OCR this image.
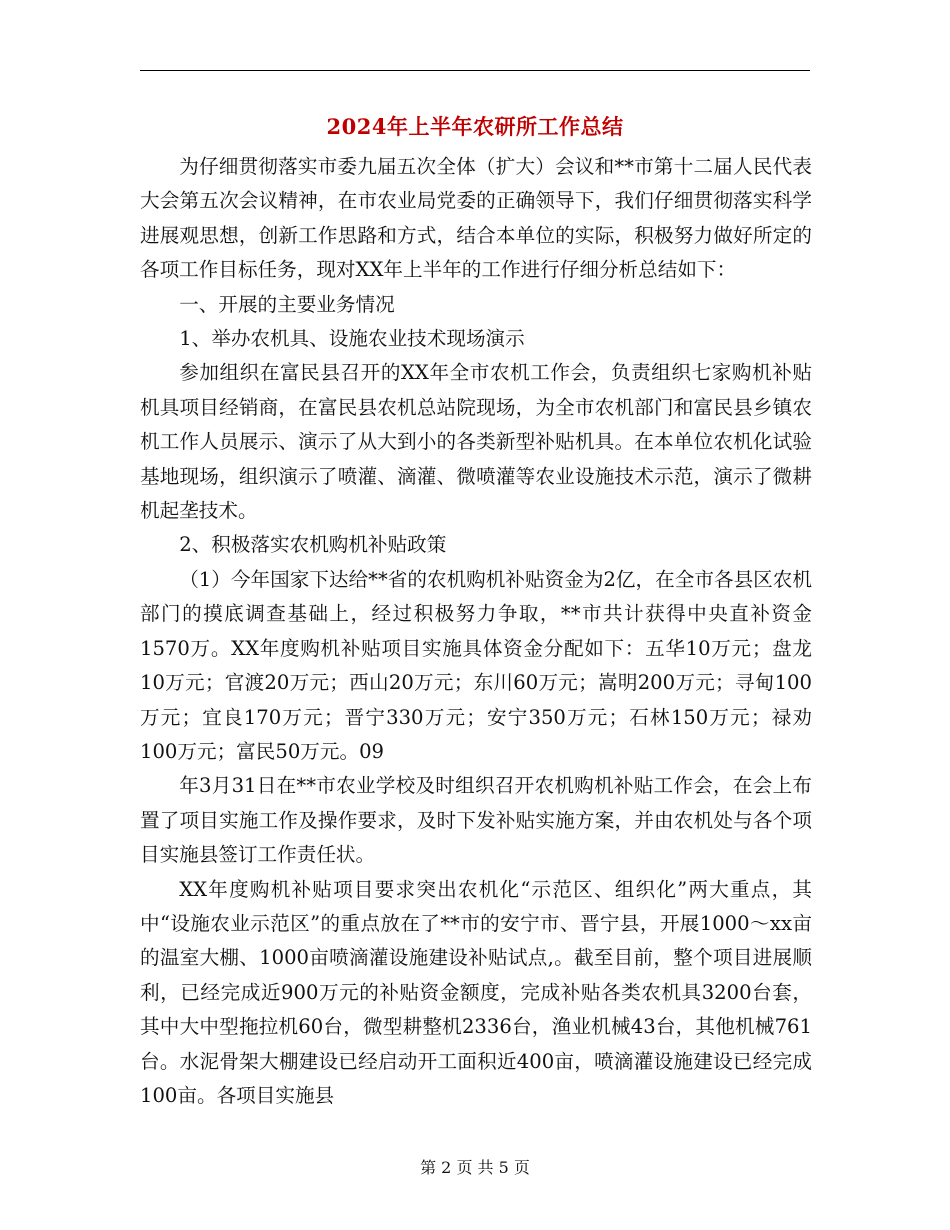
2024年上半年农研所工作总结

为仔细贯彻落实市委九届五次全体（扩大）会议和**市第十二届人民代表大会第五次会议精神，在市农业局党委的正确领导下，我们仔细贯彻落实科学进展观思想，创新工作思路和方式，结合本单位的实际，积极努力做好所定的各项工作目标任务，现对XX年上半年的工作进行仔细分析总结如下：

一、开展的主要业务情况

1、举办农机具、设施农业技术现场演示

参加组织在富民县召开的XX年全市农机工作会，负责组织七家购机补贴机具项目经销商，在富民县农机总站院现场，为全市农机部门和富民县乡镇农机工作人员展示、演示了从大到小的各类新型补贴机具。在本单位农机化试验基地现场，组织演示了喷灌、滴灌、微喷灌等农业设施技术示范，演示了微耕机起垄技术。

2、积极落实农机购机补贴政策

（1）今年国家下达给**省的农机购机补贴资金为2亿，在全市各县区农机部门的摸底调查基础上，经过积极努力争取，**市共计获得中央直补资金1570万。XX年度购机补贴项目实施具体资金分配如下：五华10万元；盘龙10万元；官渡20万元；西山20万元；东川60万元；嵩明200万元；寻甸100万元；宜良170万元；晋宁330万元；安宁350万元；石林150万元；禄劝100万元；富民50万元。09

年3月31日在**市农业学校及时组织召开农机购机补贴工作会，在会上布置了项目实施工作及操作要求，及时下发补贴实施方案，并由农机处与各个项目实施县签订工作责任状。

XX年度购机补贴项目要求突出农机化“示范区、组织化”两大重点，其中“设施农业示范区”的重点放在了**市的安宁市、晋宁县，开展1000～xx亩的温室大棚、1000亩喷滴灌设施建设补贴试点,。截至目前，整个项目进展顺利，已经完成近900万元的补贴资金额度，完成补贴各类农机具3200台套，其中大中型拖拉机60台，微型耕整机2336台，渔业机械43台，其他机械761台。水泥骨架大棚建设已经启动开工面积近400亩，喷滴灌设施建设已经完成100亩。各项目实施县

第 2 页 共 5 页
